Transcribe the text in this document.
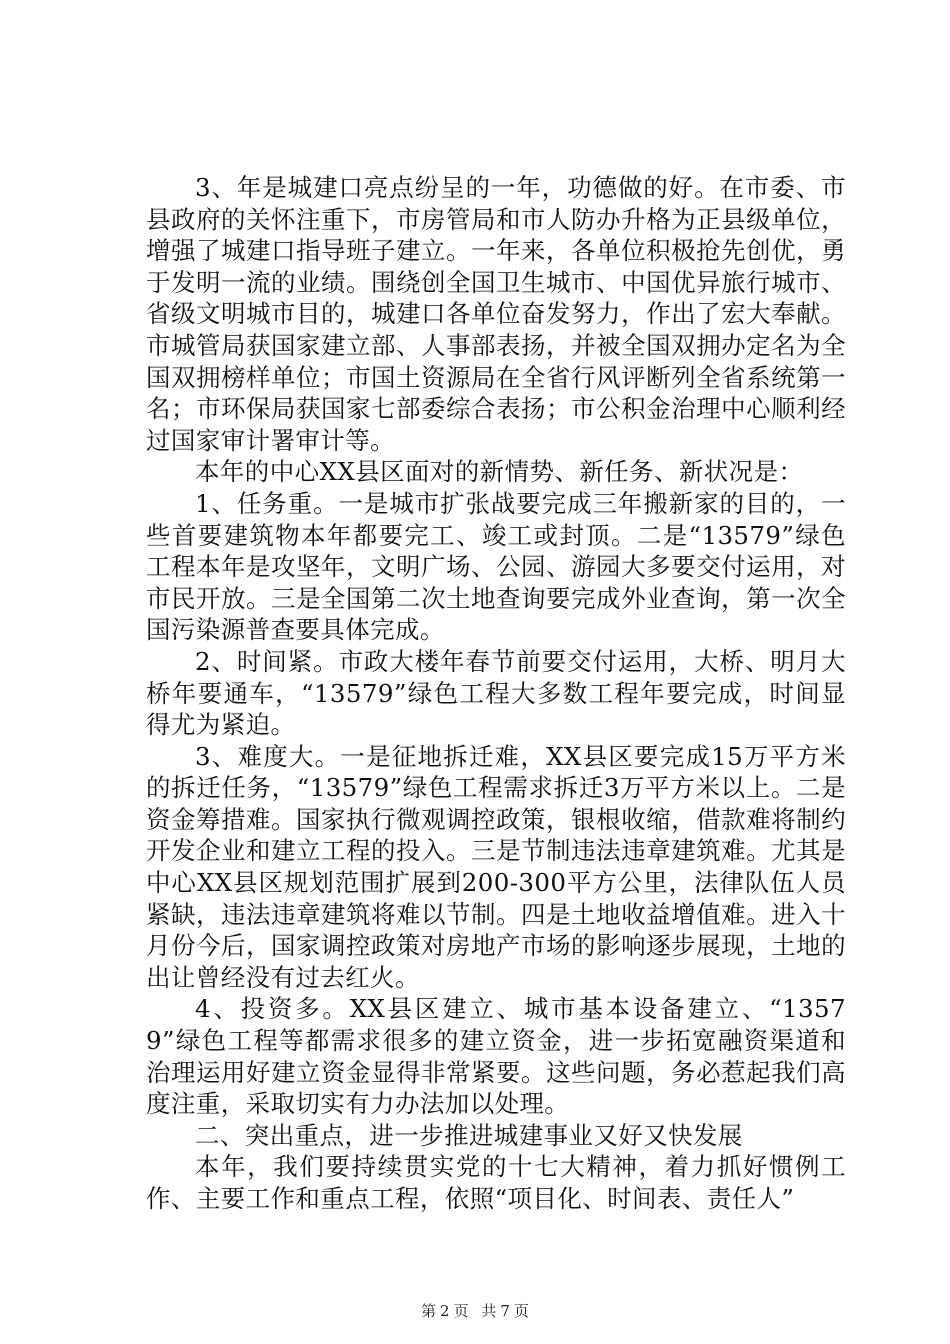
3、年是城建口亮点纷呈的一年，功德做的好。在市委、市县政府的关怀注重下，市房管局和市人防办升格为正县级单位，增强了城建口指导班子建立。一年来，各单位积极抢先创优，勇于发明一流的业绩。围绕创全国卫生城市、中国优异旅行城市、省级文明城市目的，城建口各单位奋发努力，作出了宏大奉献。市城管局获国家建立部、人事部表扬，并被全国双拥办定名为全国双拥榜样单位；市国土资源局在全省行风评断列全省系统第一名；市环保局获国家七部委综合表扬；市公积金治理中心顺利经过国家审计署审计等。

本年的中心XX县区面对的新情势、新任务、新状况是：

1、任务重。一是城市扩张战要完成三年搬新家的目的，一些首要建筑物本年都要完工、竣工或封顶。二是“13579”绿色工程本年是攻坚年，文明广场、公园、游园大多要交付运用，对市民开放。三是全国第二次土地查询要完成外业查询，第一次全国污染源普查要具体完成。

2、时间紧。市政大楼年春节前要交付运用，大桥、明月大桥年要通车，“13579”绿色工程大多数工程年要完成，时间显得尤为紧迫。

3、难度大。一是征地拆迁难，XX县区要完成15万平方米的拆迁任务，“13579”绿色工程需求拆迁3万平方米以上。二是资金筹措难。国家执行微观调控政策，银根收缩，借款难将制约开发企业和建立工程的投入。三是节制违法违章建筑难。尤其是中心XX县区规划范围扩展到200-300平方公里，法律队伍人员紧缺，违法违章建筑将难以节制。四是土地收益增值难。进入十月份今后，国家调控政策对房地产市场的影响逐步展现，土地的出让曾经没有过去红火。

4、投资多。XX县区建立、城市基本设备建立、“13579”绿色工程等都需求很多的建立资金，进一步拓宽融资渠道和治理运用好建立资金显得非常紧要。这些问题，务必惹起我们高度注重，采取切实有力办法加以处理。

二、突出重点，进一步推进城建事业又好又快发展

本年，我们要持续贯实党的十七大精神，着力抓好惯例工作、主要工作和重点工程，依照“项目化、时间表、责任人”

第 2 页 共 7 页
